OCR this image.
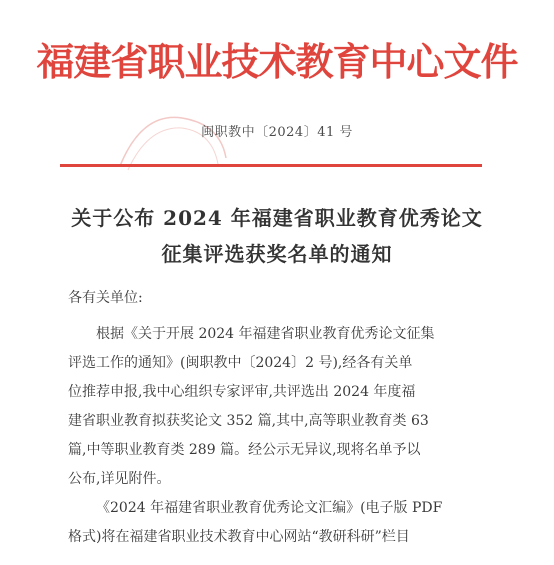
福建省职业技术教育中心文件
闽职教中〔2024〕41 号
关于公布 2024 年福建省职业教育优秀论文
征集评选获奖名单的通知
各有关单位:
根据《关于开展 2024 年福建省职业教育优秀论文征集
评选工作的通知》(闽职教中〔2024〕2 号),经各有关单
位推荐申报,我中心组织专家评审,共评选出 2024 年度福
建省职业教育拟获奖论文 352 篇,其中,高等职业教育类 63
篇,中等职业教育类 289 篇。经公示无异议,现将名单予以
公布,详见附件。
《2024 年福建省职业教育优秀论文汇编》(电子版 PDF
格式)将在福建省职业技术教育中心网站“教研科研”栏目
